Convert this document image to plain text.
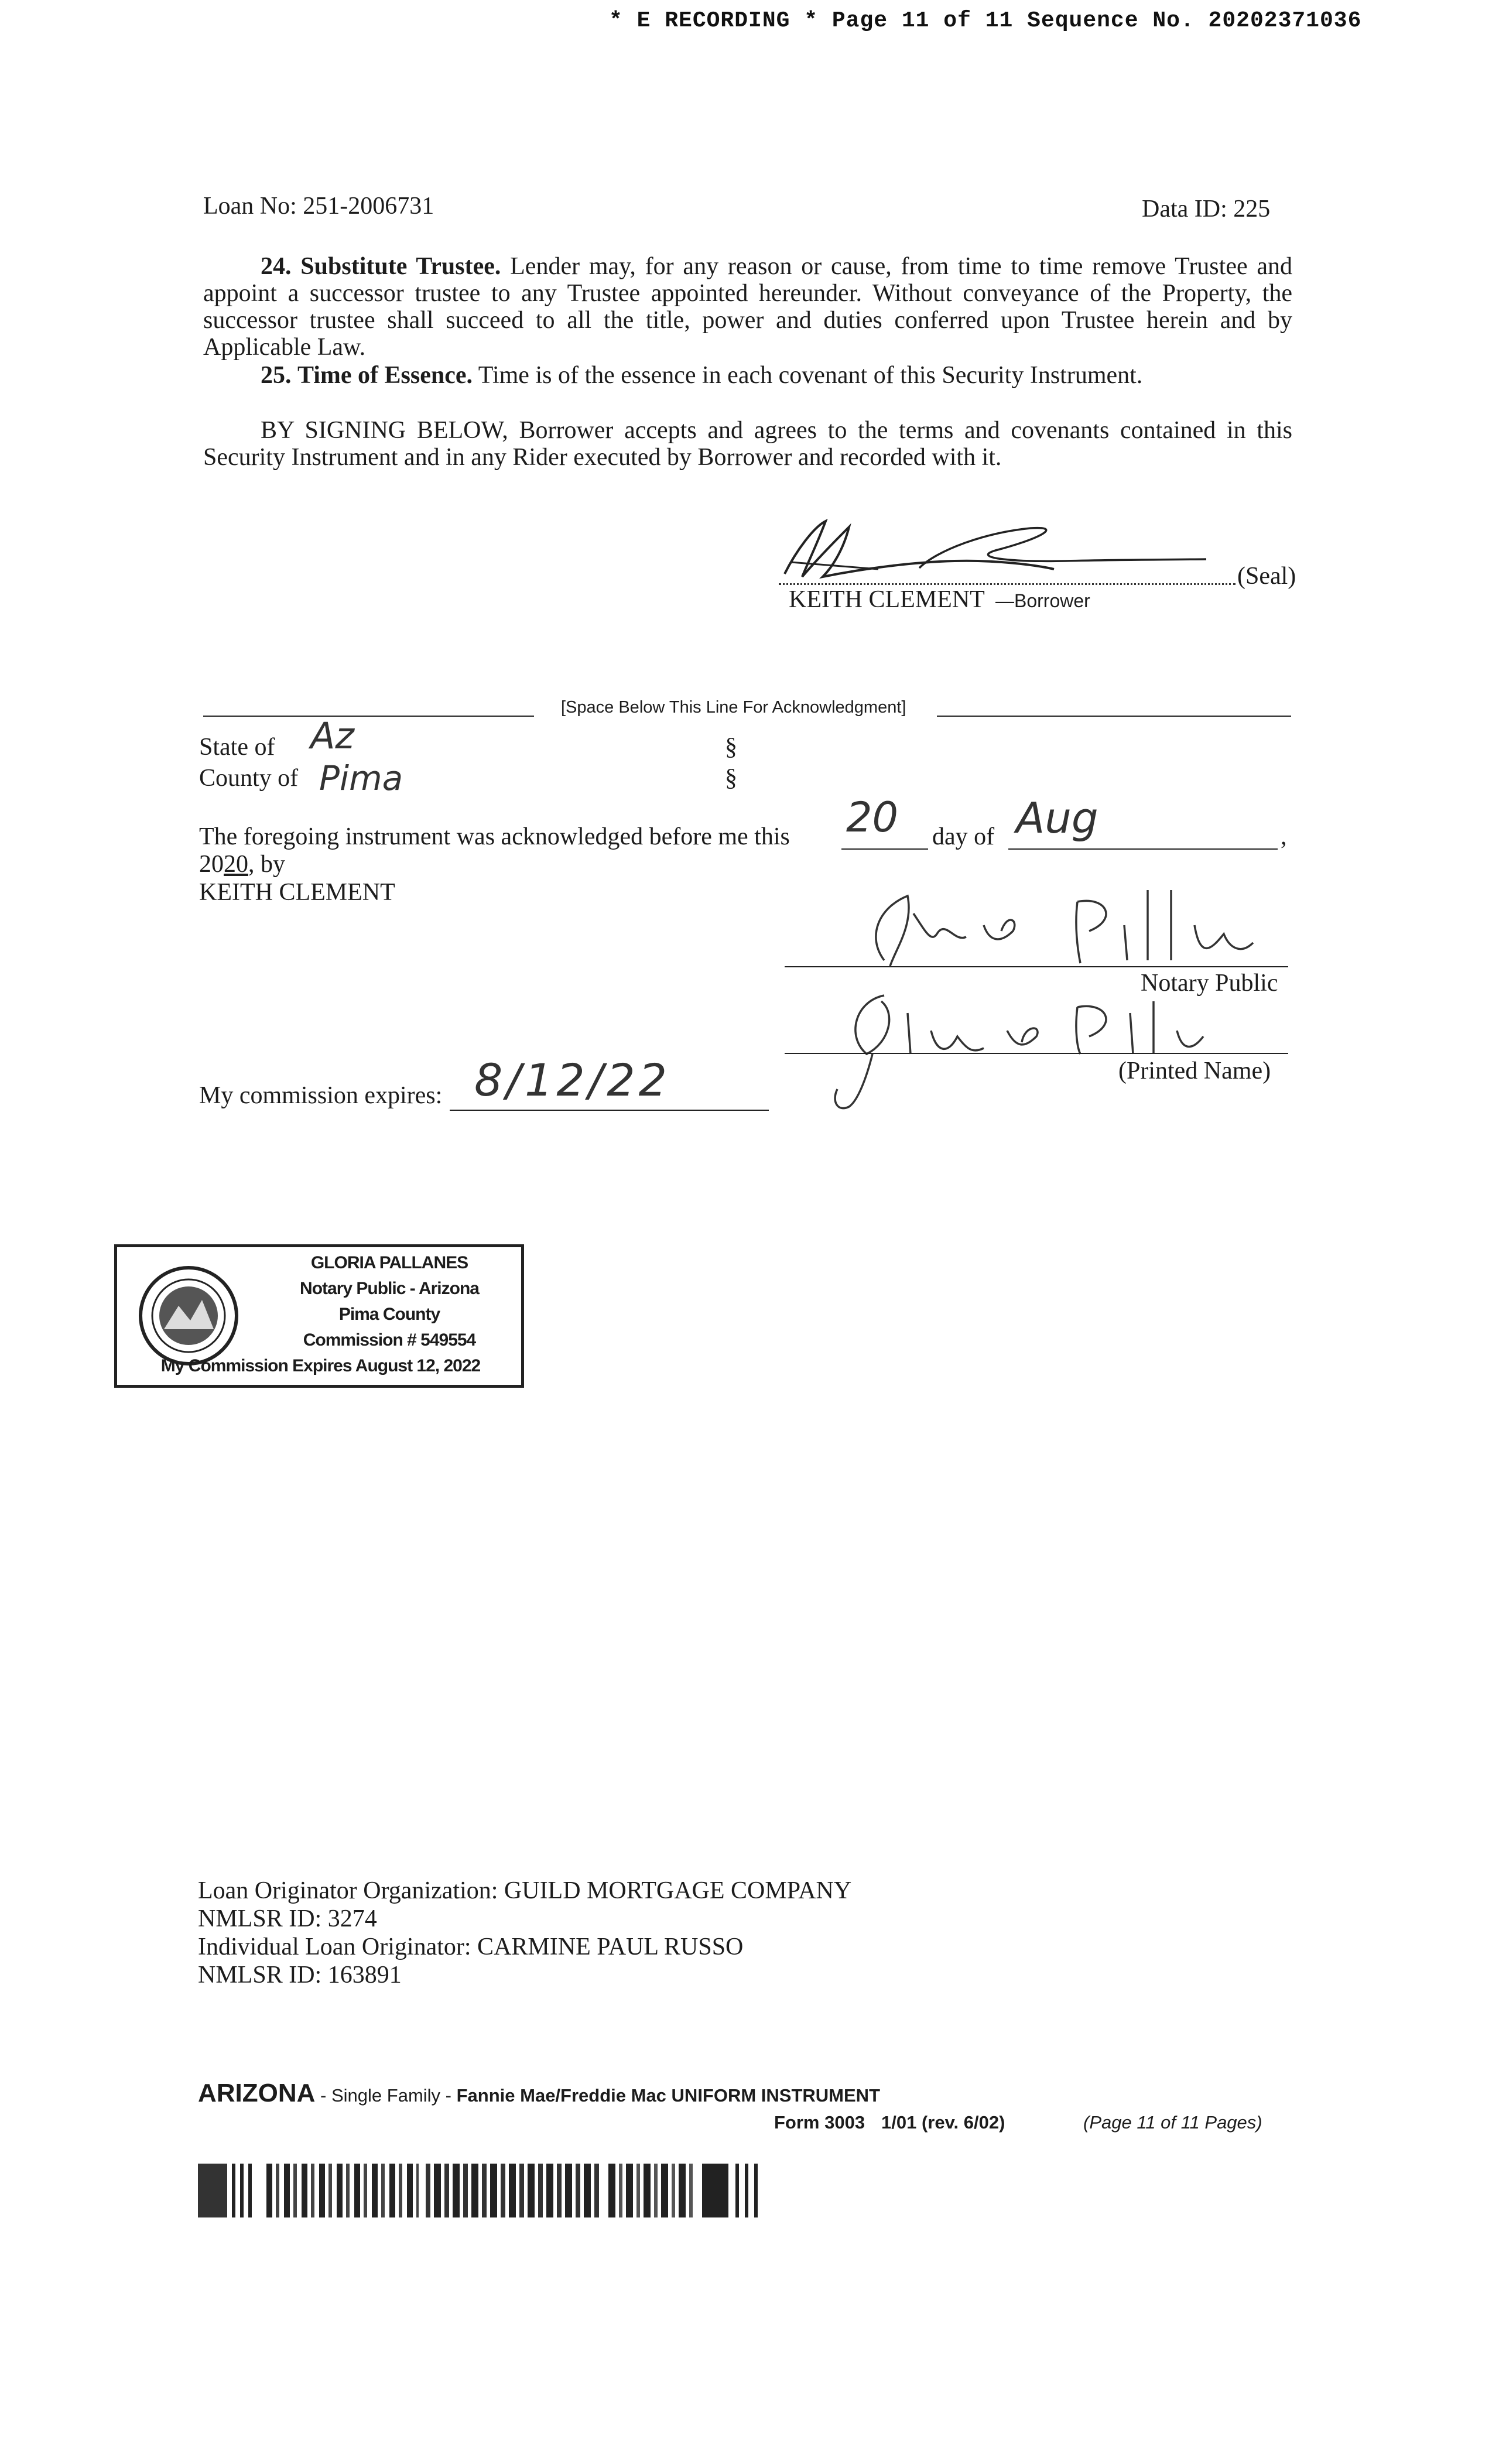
* E RECORDING * Page 11 of 11 Sequence No. 20202371036
Loan No: 251-2006731	Data ID: 225
24. Substitute Trustee. Lender may, for any reason or cause, from time to time remove Trustee and appoint a successor trustee to any Trustee appointed hereunder. Without conveyance of the Property, the successor trustee shall succeed to all the title, power and duties conferred upon Trustee herein and by Applicable Law.
25. Time of Essence. Time is of the essence in each covenant of this Security Instrument.
BY SIGNING BELOW, Borrower accepts and agrees to the terms and covenants contained in this Security Instrument and in any Rider executed by Borrower and recorded with it.
(Seal)
KEITH CLEMENT —Borrower
[Space Below This Line For Acknowledgment]
State of Az	§
County of Pima	§
The foregoing instrument was acknowledged before me this 20 day of Aug	,
2020, by
KEITH CLEMENT
Notary Public
(Printed Name)
My commission expires: 8/12/22
GLORIA PALLANES
Notary Public - Arizona
Pima County
Commission # 549554
My Commission Expires August 12, 2022
Loan Originator Organization: GUILD MORTGAGE COMPANY
NMLSR ID: 3274
Individual Loan Originator: CARMINE PAUL RUSSO
NMLSR ID: 163891
ARIZONA - Single Family - Fannie Mae/Freddie Mac UNIFORM INSTRUMENT
Form 3003 1/01 (rev. 6/02)	(Page 11 of 11 Pages)
